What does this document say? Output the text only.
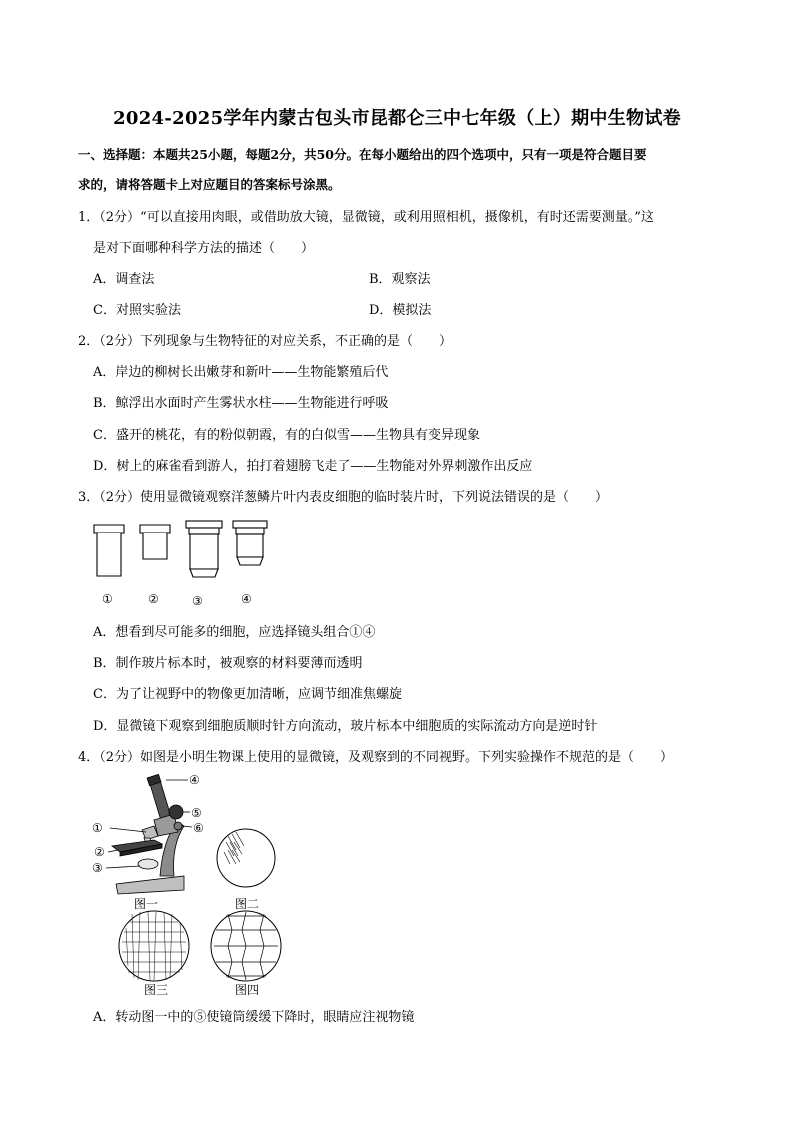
2024-2025学年内蒙古包头市昆都仑三中七年级（上）期中生物试卷
一、选择题：本题共25小题，每题2分，共50分。在每小题给出的四个选项中，只有一项是符合题目要
求的，请将答题卡上对应题目的答案标号涂黑。
1．（2分）“可以直接用肉眼，或借助放大镜，显微镜，或利用照相机，摄像机，有时还需要测量。”这
是对下面哪种科学方法的描述（　　）
A．调查法	B．观察法
C．对照实验法	D．模拟法
2．（2分）下列现象与生物特征的对应关系，不正确的是（　　）
A．岸边的柳树长出嫩芽和新叶——生物能繁殖后代
B．鲸浮出水面时产生雾状水柱——生物能进行呼吸
C．盛开的桃花，有的粉似朝霞，有的白似雪——生物具有变异现象
D．树上的麻雀看到游人，拍打着翅膀飞走了——生物能对外界刺激作出反应
3．（2分）使用显微镜观察洋葱鳞片叶内表皮细胞的临时装片时，下列说法错误的是（　　）
①	②	③	④
A．想看到尽可能多的细胞，应选择镜头组合①④
B．制作玻片标本时，被观察的材料要薄而透明
C．为了让视野中的物像更加清晰，应调节细准焦螺旋
D．显微镜下观察到细胞质顺时针方向流动，玻片标本中细胞质的实际流动方向是逆时针
4．（2分）如图是小明生物课上使用的显微镜，及观察到的不同视野。下列实验操作不规范的是（　　）
④
⑤
⑥
①
②
③
图一	图二
图三	图四
A．转动图一中的⑤使镜筒缓缓下降时，眼睛应注视物镜
